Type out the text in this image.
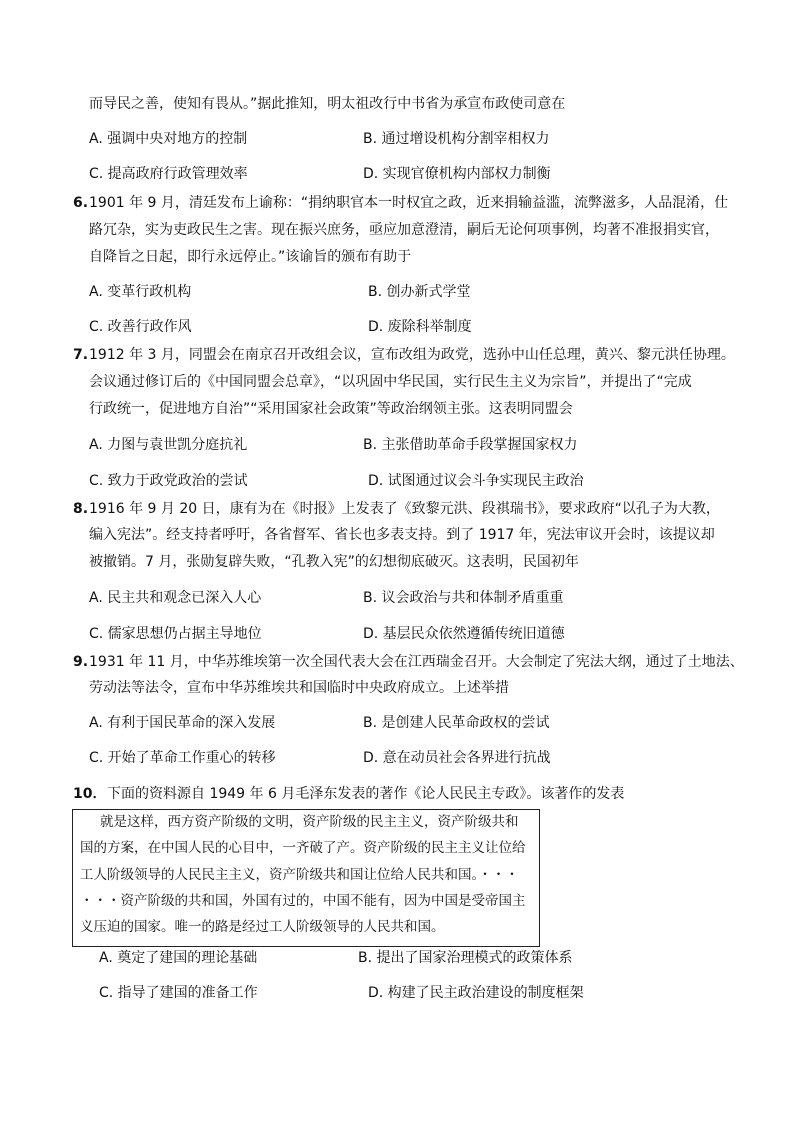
而导民之善，使知有畏从。”据此推知，明太祖改行中书省为承宣布政使司意在
A. 强调中央对地方的控制	B. 通过增设机构分割宰相权力
C. 提高政府行政管理效率	D. 实现官僚机构内部权力制衡
6. 1901 年 9 月，清廷发布上谕称：“捐纳职官本一时权宜之政，近来捐输益滥，流弊滋多，人品混淆，仕
路冗杂，实为吏政民生之害。现在振兴庶务，亟应加意澄清，嗣后无论何项事例，均著不准报捐实官，
自降旨之日起，即行永远停止。”该谕旨的颁布有助于
A. 变革行政机构	B. 创办新式学堂
C. 改善行政作风	D. 废除科举制度
7. 1912 年 3 月，同盟会在南京召开改组会议，宣布改组为政党，选孙中山任总理，黄兴、黎元洪任协理。
会议通过修订后的《中国同盟会总章》，“以巩固中华民国，实行民生主义为宗旨”，并提出了“完成
行政统一，促进地方自治”“采用国家社会政策”等政治纲领主张。这表明同盟会
A. 力图与袁世凯分庭抗礼	B. 主张借助革命手段掌握国家权力
C. 致力于政党政治的尝试	D. 试图通过议会斗争实现民主政治
8. 1916 年 9 月 20 日，康有为在《时报》上发表了《致黎元洪、段祺瑞书》，要求政府“以孔子为大教，
编入宪法”。经支持者呼吁，各省督军、省长也多表支持。到了 1917 年，宪法审议开会时，该提议却
被撤销。7 月，张勋复辟失败，“孔教入宪”的幻想彻底破灭。这表明，民国初年
A. 民主共和观念已深入人心	B. 议会政治与共和体制矛盾重重
C. 儒家思想仍占据主导地位	D. 基层民众依然遵循传统旧道德
9. 1931 年 11 月，中华苏维埃第一次全国代表大会在江西瑞金召开。大会制定了宪法大纲，通过了土地法、
劳动法等法令，宣布中华苏维埃共和国临时中央政府成立。上述举措
A. 有利于国民革命的深入发展	B. 是创建人民革命政权的尝试
C. 开始了革命工作重心的转移	D. 意在动员社会各界进行抗战
10． 下面的资料源自 1949 年 6 月毛泽东发表的著作《论人民民主专政》。该著作的发表
就是这样，西方资产阶级的文明，资产阶级的民主主义，资产阶级共和
国的方案，在中国人民的心目中，一齐破了产。资产阶级的民主主义让位给
工人阶级领导的人民民主主义，资产阶级共和国让位给人民共和国。・・・
・・・资产阶级的共和国，外国有过的，中国不能有，因为中国是受帝国主
义压迫的国家。唯一的路是经过工人阶级领导的人民共和国。
A. 奠定了建国的理论基础	B. 提出了国家治理模式的政策体系
C. 指导了建国的准备工作	D. 构建了民主政治建设的制度框架
